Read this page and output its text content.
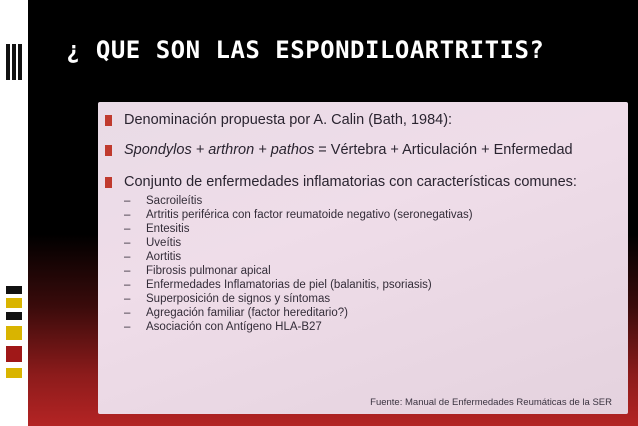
¿ QUE SON LAS ESPONDILOARTRITIS?
Denominación propuesta por A. Calin (Bath, 1984):
Spondylos + arthron + pathos = Vértebra + Articulación + Enfermedad
Conjunto de enfermedades inflamatorias con características comunes:
– Sacroileítis
– Artritis periférica con factor reumatoide negativo (seronegativas)
– Entesitis
– Uveítis
– Aortitis
– Fibrosis pulmonar apical
– Enfermedades Inflamatorias de piel (balanitis, psoriasis)
– Superposición de signos y síntomas
– Agregación familiar (factor hereditario?)
– Asociación con Antígeno HLA-B27
Fuente: Manual de Enfermedades Reumáticas de la SER
